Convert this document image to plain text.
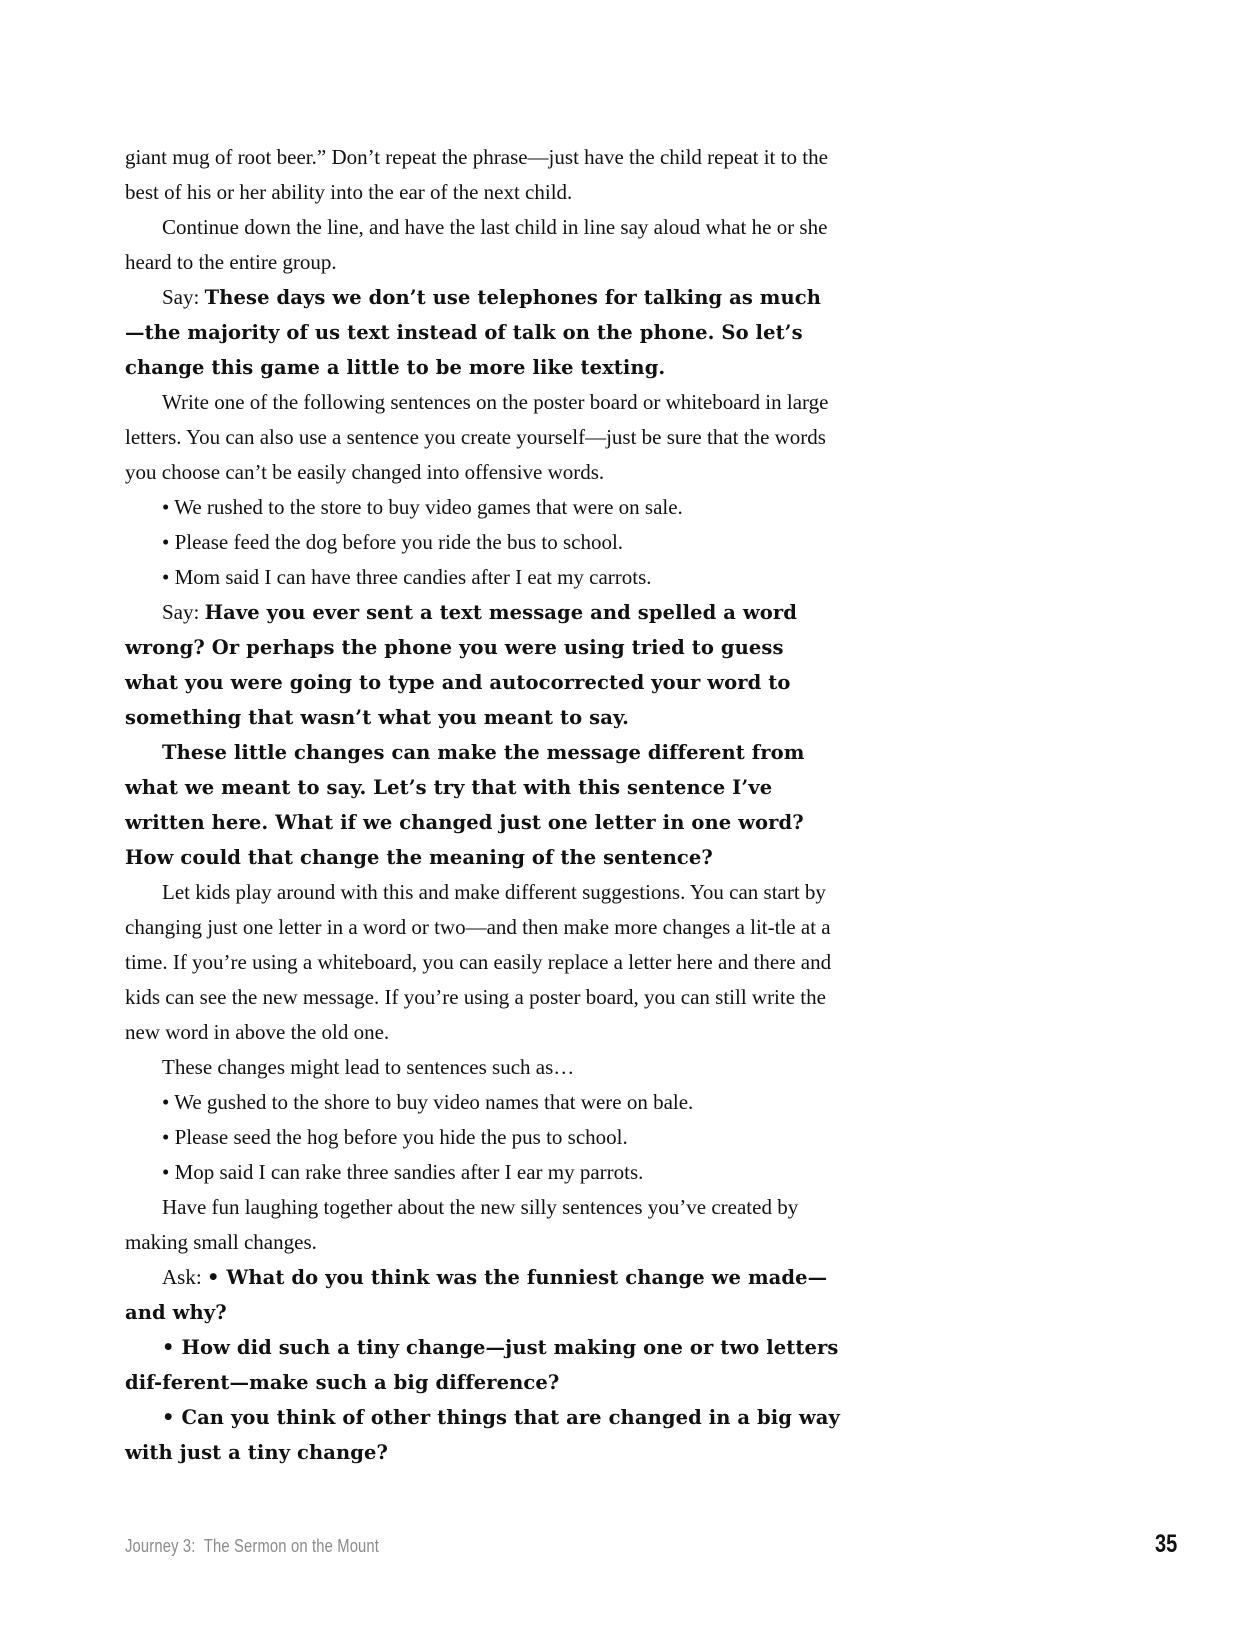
giant mug of root beer.” Don’t repeat the phrase—just have the child repeat it to the best of his or her ability into the ear of the next child.

Continue down the line, and have the last child in line say aloud what he or she heard to the entire group.

Say: These days we don’t use telephones for talking as much—the majority of us text instead of talk on the phone. So let’s change this game a little to be more like texting.

Write one of the following sentences on the poster board or whiteboard in large letters. You can also use a sentence you create yourself—just be sure that the words you choose can’t be easily changed into offensive words.

• We rushed to the store to buy video games that were on sale.

• Please feed the dog before you ride the bus to school.

• Mom said I can have three candies after I eat my carrots.

Say: Have you ever sent a text message and spelled a word wrong? Or perhaps the phone you were using tried to guess what you were going to type and autocorrected your word to something that wasn’t what you meant to say.

These little changes can make the message different from what we meant to say. Let’s try that with this sentence I’ve written here. What if we changed just one letter in one word? How could that change the meaning of the sentence?

Let kids play around with this and make different suggestions. You can start by changing just one letter in a word or two—and then make more changes a lit-tle at a time. If you’re using a whiteboard, you can easily replace a letter here and there and kids can see the new message. If you’re using a poster board, you can still write the new word in above the old one.

These changes might lead to sentences such as…

• We gushed to the shore to buy video names that were on bale.

• Please seed the hog before you hide the pus to school.

• Mop said I can rake three sandies after I ear my parrots.

Have fun laughing together about the new silly sentences you’ve created by making small changes.

Ask: • What do you think was the funniest change we made—and why?

• How did such a tiny change—just making one or two letters dif-ferent—make such a big difference?

• Can you think of other things that are changed in a big way with just a tiny change?

Journey 3:  The Sermon on the Mount	35
